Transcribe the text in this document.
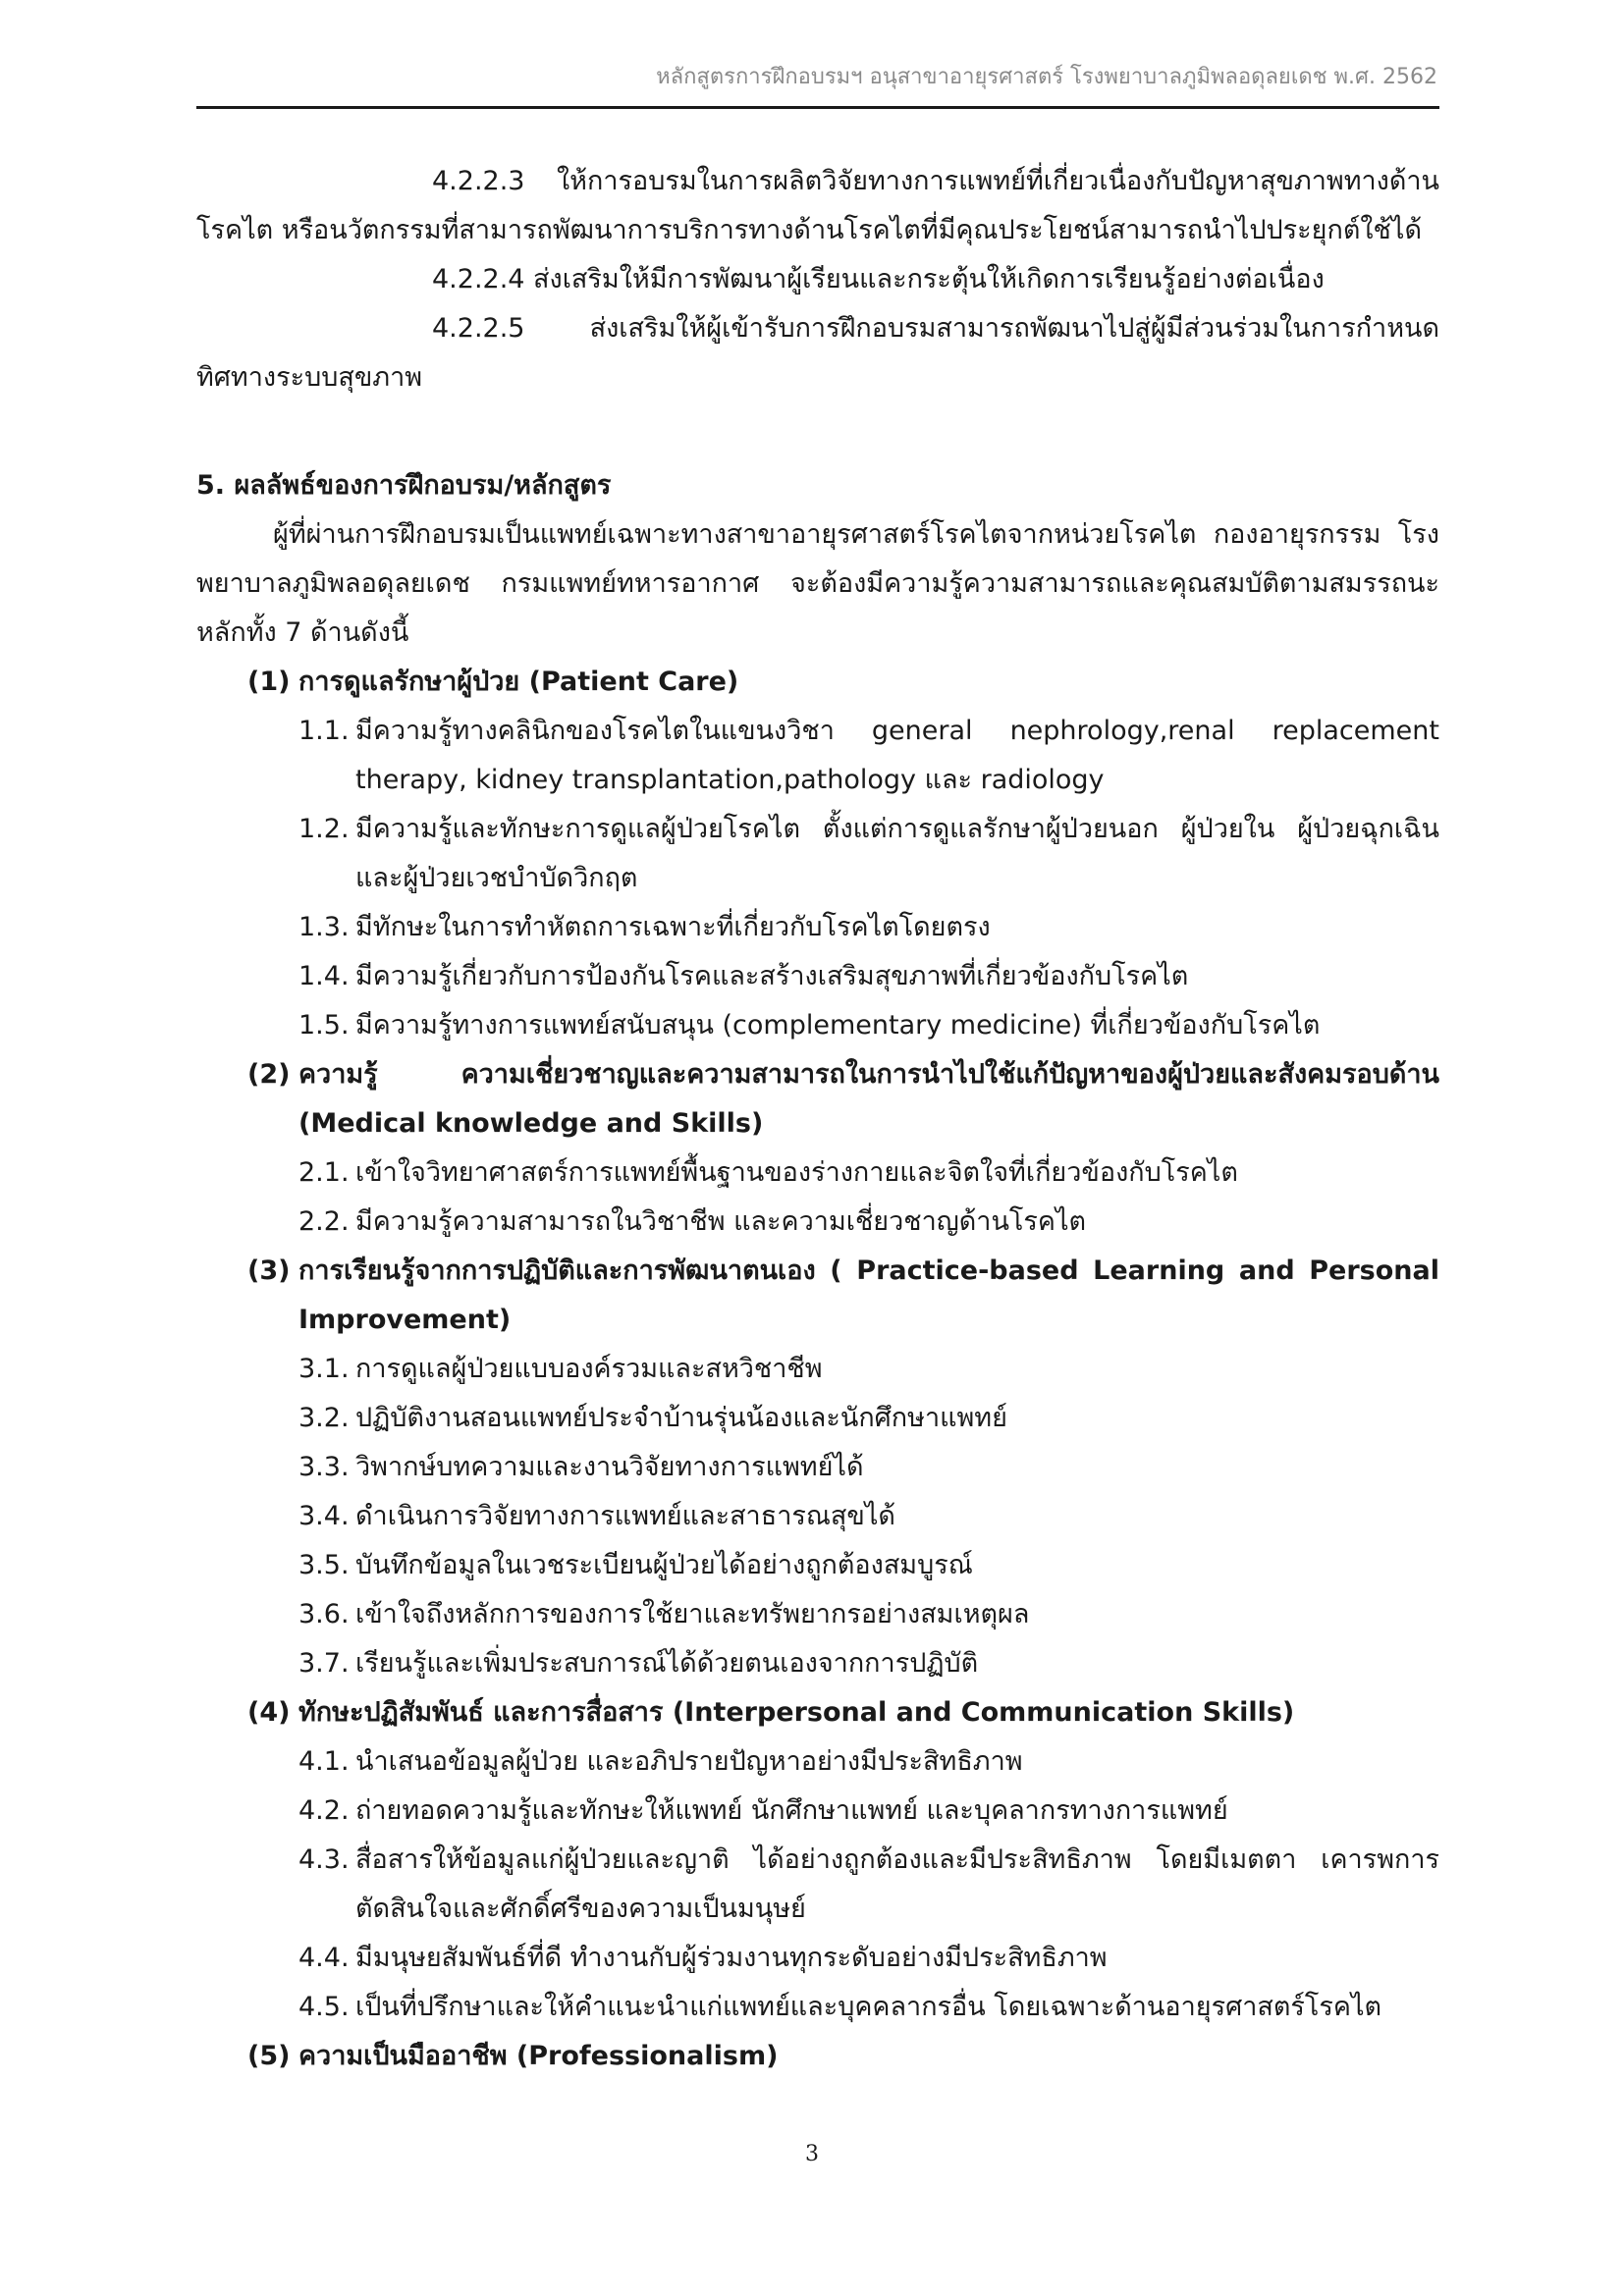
หลักสูตรการฝึกอบรมฯ อนุสาขาอายุรศาสตร์ โรงพยาบาลภูมิพลอดุลยเดช พ.ศ. 2562

4.2.2.3 ให้การอบรมในการผลิตวิจัยทางการแพทย์ที่เกี่ยวเนื่องกับปัญหาสุขภาพทางด้านโรคไต หรือนวัตกรรมที่สามารถพัฒนาการบริการทางด้านโรคไตที่มีคุณประโยชน์สามารถนำไปประยุกต์ใช้ได้

4.2.2.4 ส่งเสริมให้มีการพัฒนาผู้เรียนและกระตุ้นให้เกิดการเรียนรู้อย่างต่อเนื่อง

4.2.2.5 ส่งเสริมให้ผู้เข้ารับการฝึกอบรมสามารถพัฒนาไปสู่ผู้มีส่วนร่วมในการกำหนดทิศทางระบบสุขภาพ

5. ผลลัพธ์ของการฝึกอบรม/หลักสูตร

ผู้ที่ผ่านการฝึกอบรมเป็นแพทย์เฉพาะทางสาขาอายุรศาสตร์โรคไตจากหน่วยโรคไต กองอายุรกรรม โรงพยาบาลภูมิพลอดุลยเดช กรมแพทย์ทหารอากาศ จะต้องมีความรู้ความสามารถและคุณสมบัติตามสมรรถนะหลักทั้ง 7 ด้านดังนี้

(1) การดูแลรักษาผู้ป่วย (Patient Care)

1.1. มีความรู้ทางคลินิกของโรคไตในแขนงวิชา general nephrology,renal replacement therapy, kidney transplantation,pathology และ radiology

1.2. มีความรู้และทักษะการดูแลผู้ป่วยโรคไต ตั้งแต่การดูแลรักษาผู้ป่วยนอก ผู้ป่วยใน ผู้ป่วยฉุกเฉินและผู้ป่วยเวชบำบัดวิกฤต

1.3. มีทักษะในการทำหัตถการเฉพาะที่เกี่ยวกับโรคไตโดยตรง

1.4. มีความรู้เกี่ยวกับการป้องกันโรคและสร้างเสริมสุขภาพที่เกี่ยวข้องกับโรคไต

1.5. มีความรู้ทางการแพทย์สนับสนุน (complementary medicine) ที่เกี่ยวข้องกับโรคไต

(2) ความรู้ ความเชี่ยวชาญและความสามารถในการนำไปใช้แก้ปัญหาของผู้ป่วยและสังคมรอบด้าน (Medical knowledge and Skills)

2.1. เข้าใจวิทยาศาสตร์การแพทย์พื้นฐานของร่างกายและจิตใจที่เกี่ยวข้องกับโรคไต

2.2. มีความรู้ความสามารถในวิชาชีพ และความเชี่ยวชาญด้านโรคไต

(3) การเรียนรู้จากการปฏิบัติและการพัฒนาตนเอง ( Practice-based Learning and Personal Improvement)

3.1. การดูแลผู้ป่วยแบบองค์รวมและสหวิชาชีพ

3.2. ปฏิบัติงานสอนแพทย์ประจำบ้านรุ่นน้องและนักศึกษาแพทย์

3.3. วิพากษ์บทความและงานวิจัยทางการแพทย์ได้

3.4. ดำเนินการวิจัยทางการแพทย์และสาธารณสุขได้

3.5. บันทึกข้อมูลในเวชระเบียนผู้ป่วยได้อย่างถูกต้องสมบูรณ์

3.6. เข้าใจถึงหลักการของการใช้ยาและทรัพยากรอย่างสมเหตุผล

3.7. เรียนรู้และเพิ่มประสบการณ์ได้ด้วยตนเองจากการปฏิบัติ

(4) ทักษะปฏิสัมพันธ์ และการสื่อสาร (Interpersonal and Communication Skills)

4.1. นำเสนอข้อมูลผู้ป่วย และอภิปรายปัญหาอย่างมีประสิทธิภาพ

4.2. ถ่ายทอดความรู้และทักษะให้แพทย์ นักศึกษาแพทย์ และบุคลากรทางการแพทย์

4.3. สื่อสารให้ข้อมูลแก่ผู้ป่วยและญาติ ได้อย่างถูกต้องและมีประสิทธิภาพ โดยมีเมตตา เคารพการตัดสินใจและศักดิ์ศรีของความเป็นมนุษย์

4.4. มีมนุษยสัมพันธ์ที่ดี ทำงานกับผู้ร่วมงานทุกระดับอย่างมีประสิทธิภาพ

4.5. เป็นที่ปรึกษาและให้คำแนะนำแก่แพทย์และบุคคลากรอื่น โดยเฉพาะด้านอายุรศาสตร์โรคไต

(5) ความเป็นมืออาชีพ (Professionalism)
3
